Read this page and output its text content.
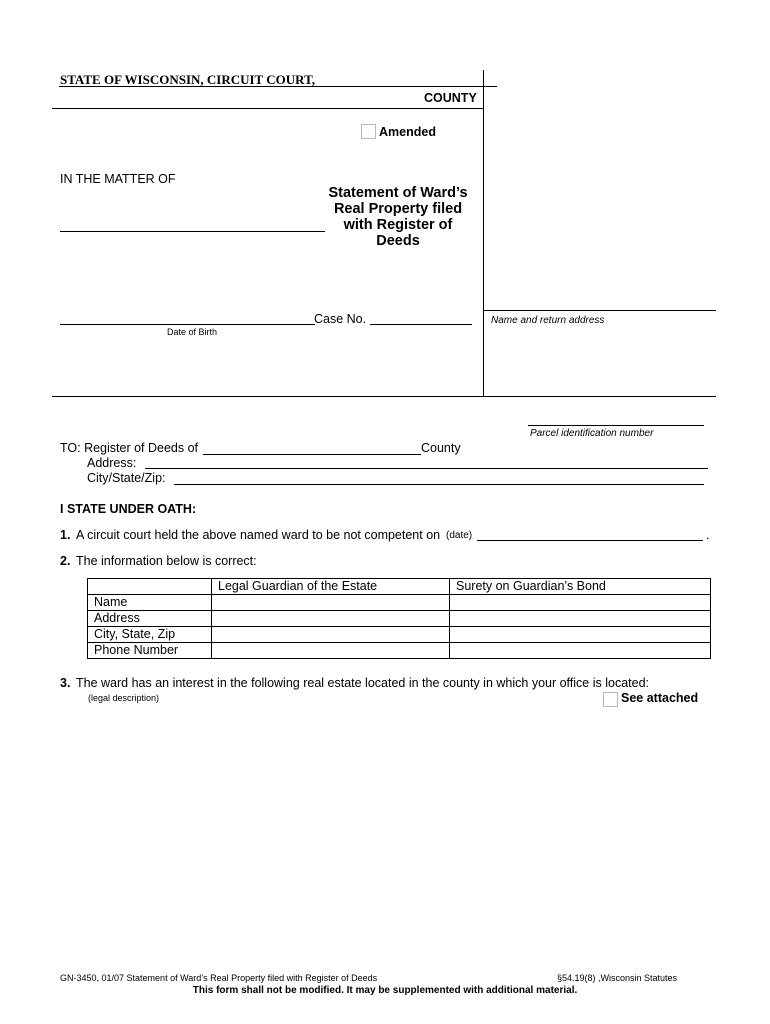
STATE OF WISCONSIN, CIRCUIT COURT,
COUNTY
Amended
IN THE MATTER OF
Statement of Ward’s
Real Property filed
with Register of
Deeds
Name and return address
Date of Birth
Case No.
Parcel identification number
TO: Register of Deeds of	County
Address:
City/State/Zip:
I STATE UNDER OATH:
1. A circuit court held the above named ward to be not competent on (date)	.
2. The information below is correct:
	Legal Guardian of the Estate	Surety on Guardian’s Bond
Name		
Address		
City, State, Zip		
Phone Number		
3. The ward has an interest in the following real estate located in the county in which your office is located:
(legal description)	See attached
GN-3450, 01/07 Statement of Ward’s Real Property filed with Register of Deeds	§54.19(8) ,Wisconsin Statutes
This form shall not be modified. It may be supplemented with additional material.
